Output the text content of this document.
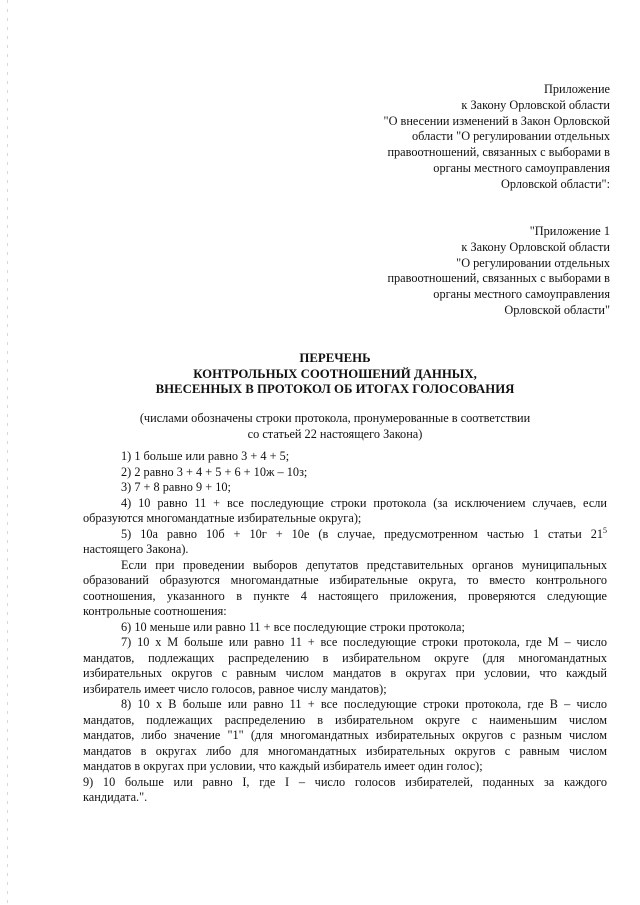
Приложение
к Закону Орловской области
"О внесении изменений в Закон Орловской
области "О регулировании отдельных
правоотношений, связанных с выборами в
органы местного самоуправления
Орловской области":
"Приложение 1
к Закону Орловской области
"О регулировании отдельных
правоотношений, связанных с выборами в
органы местного самоуправления
Орловской области"
ПЕРЕЧЕНЬ
КОНТРОЛЬНЫХ СООТНОШЕНИЙ ДАННЫХ,
ВНЕСЕННЫХ В ПРОТОКОЛ ОБ ИТОГАХ ГОЛОСОВАНИЯ
(числами обозначены строки протокола, пронумерованные в соответствии
со статьей 22 настоящего Закона)
1) 1 больше или равно 3 + 4 + 5;
2) 2 равно 3 + 4 + 5 + 6 + 10ж – 10з;
3) 7 + 8 равно 9 + 10;
4) 10 равно 11 + все последующие строки протокола (за исключением случаев, если
образуются многомандатные избирательные округа);
5) 10а равно 10б + 10г + 10е (в случае, предусмотренном частью 1 статьи $21^5$
настоящего Закона).
Если при проведении выборов депутатов представительных органов муниципальных
образований образуются многомандатные избирательные округа, то вместо контрольного
соотношения, указанного в пункте 4 настоящего приложения, проверяются следующие
контрольные соотношения:
6) 10 меньше или равно 11 + все последующие строки протокола;
7) 10 x M больше или равно 11 + все последующие строки протокола, где M – число
мандатов, подлежащих распределению в избирательном округе (для многомандатных
избирательных округов с равным числом мандатов в округах при условии, что каждый
избиратель имеет число голосов, равное числу мандатов);
8) 10 x B больше или равно 11 + все последующие строки протокола, где B – число
мандатов, подлежащих распределению в избирательном округе с наименьшим числом
мандатов, либо значение "1" (для многомандатных избирательных округов с разным числом
мандатов в округах либо для многомандатных избирательных округов с равным числом
мандатов в округах при условии, что каждый избиратель имеет один голос);
9) 10 больше или равно I, где I – число голосов избирателей, поданных за каждого
кандидата.".
